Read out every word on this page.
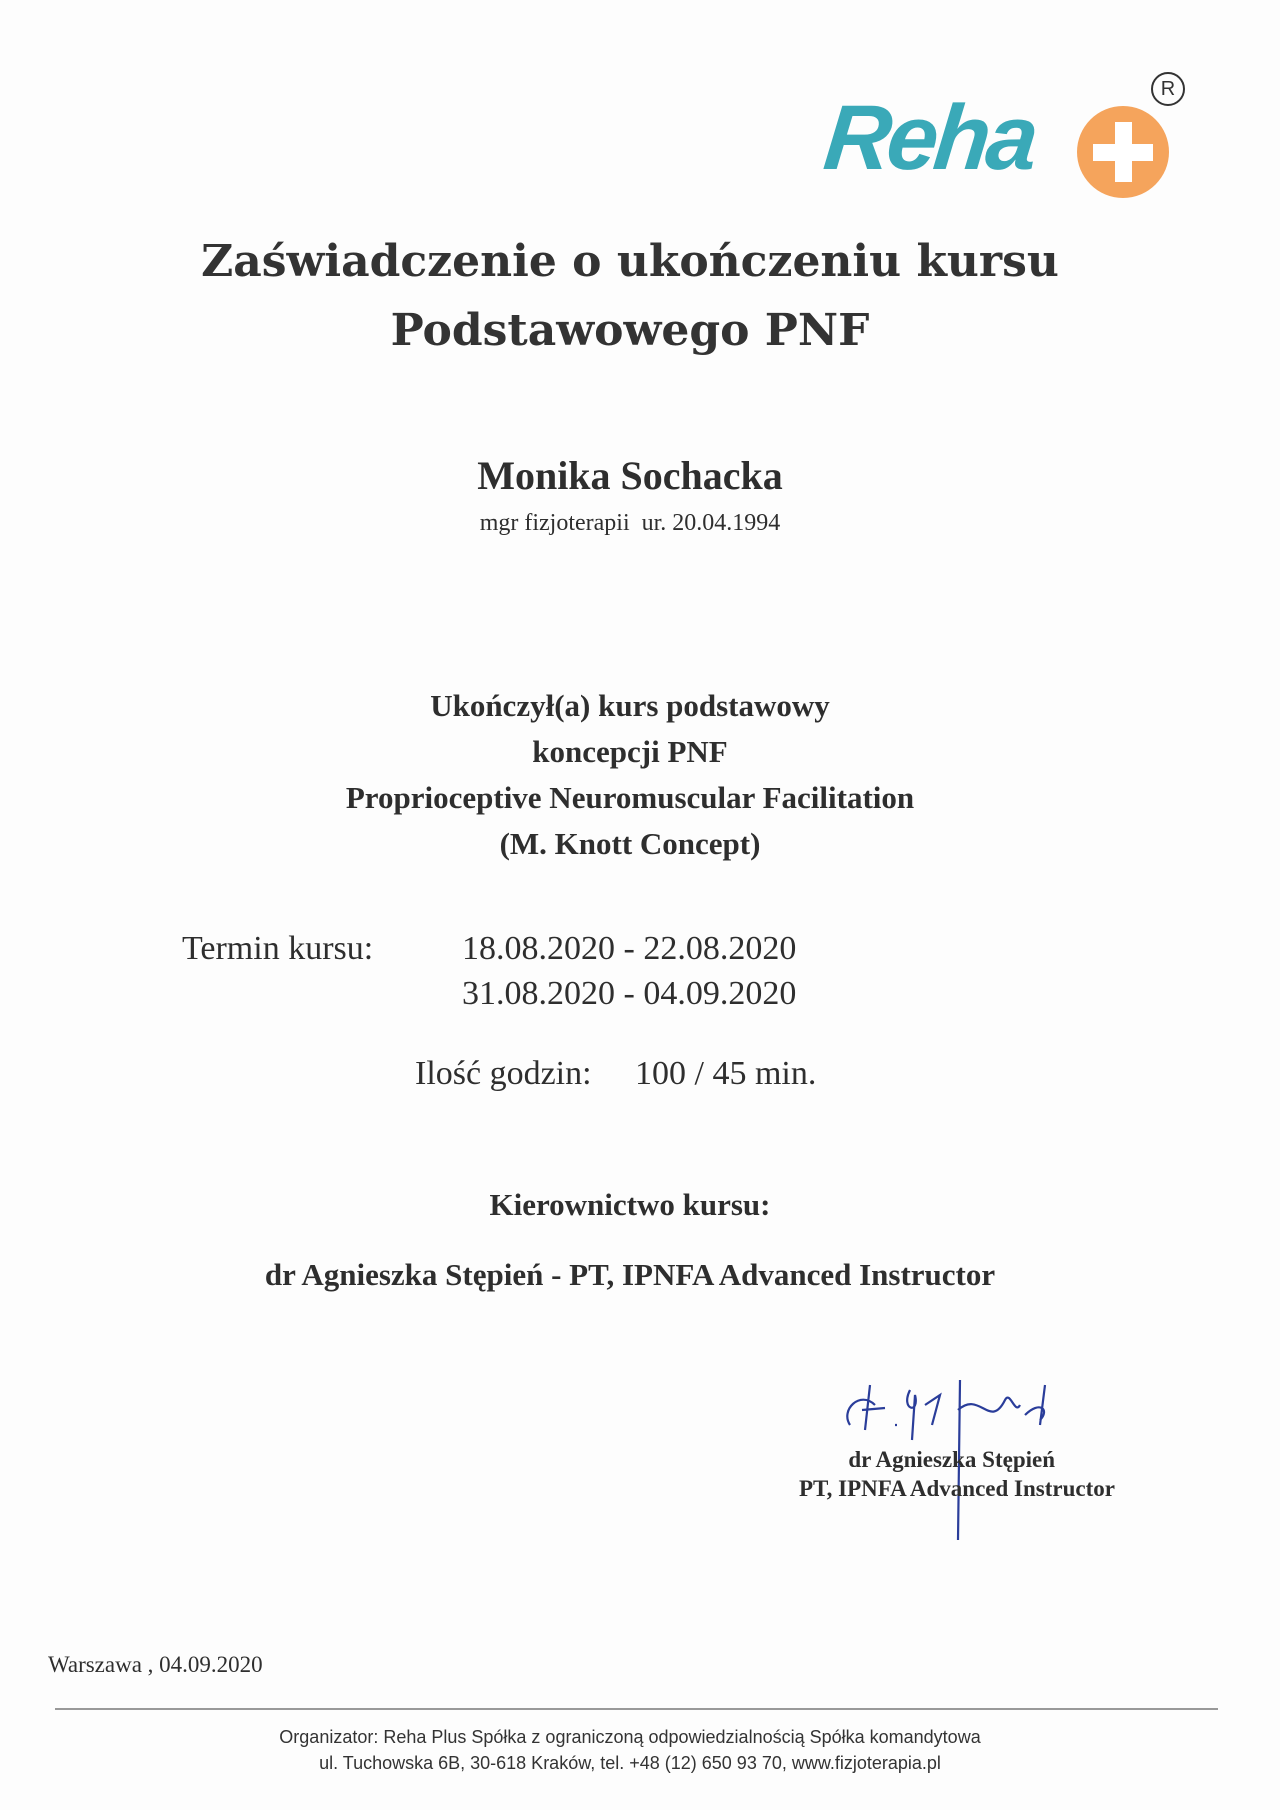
Reha	R
Zaświadczenie o ukończeniu kursu
Podstawowego PNF
Monika Sochacka
mgr fizjoterapii  ur. 20.04.1994
Ukończył(a) kurs podstawowy
koncepcji PNF
Proprioceptive Neuromuscular Facilitation
(M. Knott Concept)
Termin kursu:	18.08.2020 - 22.08.2020
31.08.2020 - 04.09.2020
Ilość godzin: 100 / 45 min.
Kierownictwo kursu:
dr Agnieszka Stępień - PT, IPNFA Advanced Instructor
dr Agnieszka Stępień
PT, IPNFA Advanced Instructor
Warszawa , 04.09.2020
Organizator: Reha Plus Spółka z ograniczoną odpowiedzialnością Spółka komandytowa
ul. Tuchowska 6B, 30-618 Kraków, tel. +48 (12) 650 93 70, www.fizjoterapia.pl
